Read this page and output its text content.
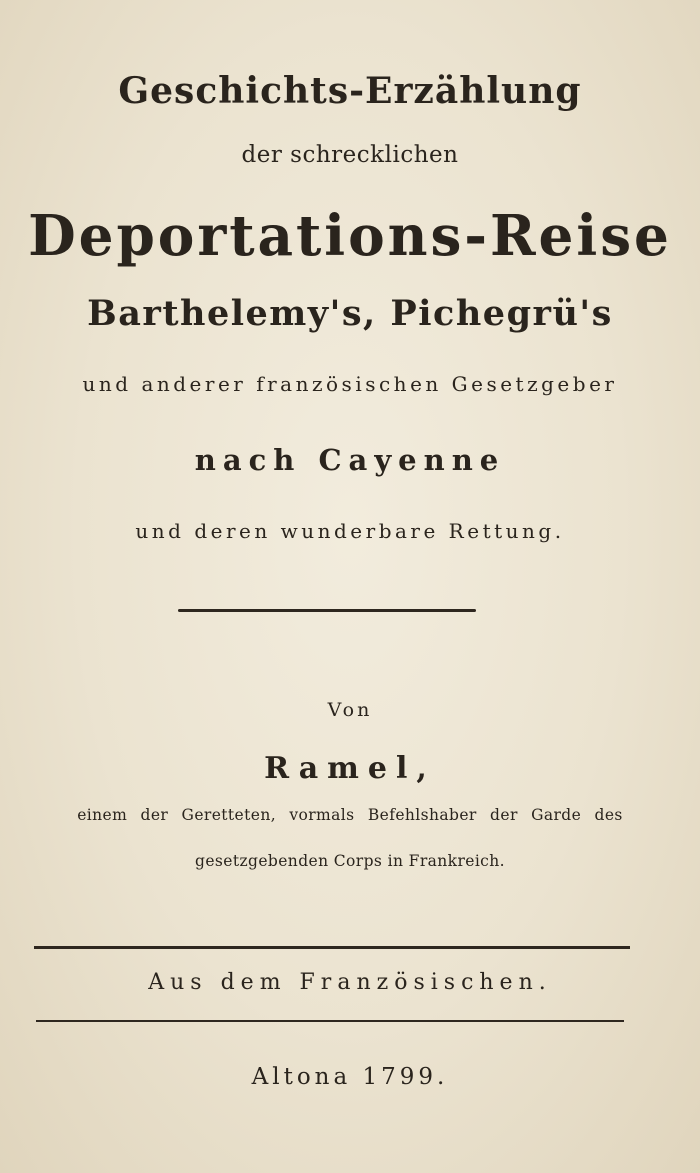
Geschichts-Erzählung
der schrecklichen
Deportations-Reise
Barthelemy's, Pichegrü's
und anderer französischen Gesetzgeber
nach Cayenne
und deren wunderbare Rettung.
Von
Ramel,
einem der Geretteten, vormals Befehlshaber der Garde des
gesetzgebenden Corps in Frankreich.
Aus dem Französischen.
Altona 1799.
